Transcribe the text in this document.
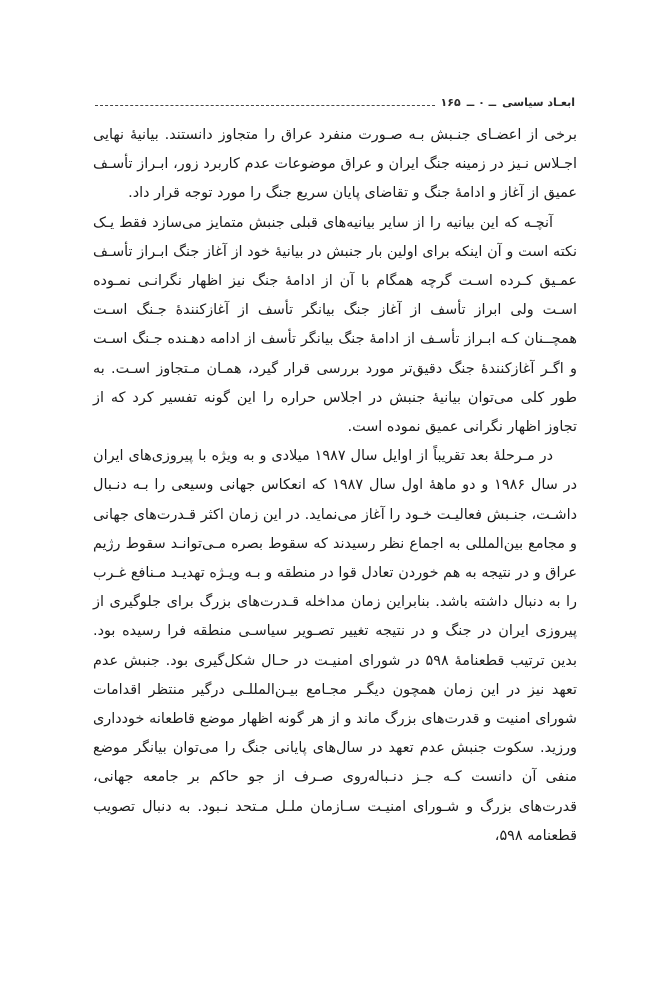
ابعـاد سیاسی
ــ ۰ ــ
۱۶۵

برخی از اعضـای جنـبش بـه صـورت منفرد عراق را متجاوز دانستند. بیانیهٔ نهایی اجـلاس نـیز در زمینه جنگ ایران و عراق موضوعات عدم کاربرد زور، ابـراز تأسـف عمیق از آغاز و ادامهٔ جنگ و تقاضای پایان سریع جنگ را مورد توجه قرار داد.

آنچـه که این بیانیه را از سایر بیانیه‌های قبلی جنبش متمایز می‌سازد فقط یـک نکته است و آن اینکه برای اولین بار جنبش در بیانیهٔ خود از آغاز جنگ ابـراز تأسـف عمـیق کـرده اسـت گرچه همگام با آن از ادامهٔ جنگ نیز اظهار نگرانـی نمـوده اسـت ولی ابراز تأسف از آغاز جنگ بیانگر تأسف از آغازکنندهٔ جـنگ اسـت همچــنان کـه ابـراز تأسـف از ادامهٔ جنگ بیانگر تأسف از ادامه دهـنده جـنگ اسـت و اگـر آغازکنندهٔ جنگ دقیق‌تر مورد بررسی قرار گیرد، همـان مـتجاوز اسـت. به طور کلی می‌توان بیانیهٔ جنبش در اجلاس حراره را این گونه تفسیر کرد که از تجاوز اظهار نگرانی عمیق نموده است.

در مـرحلهٔ بعد تقریباً از اوایل سال ۱۹۸۷ میلادی و به ویژه با پیروزی‌های ایران در سال ۱۹۸۶ و دو ماههٔ اول سال ۱۹۸۷ که انعکاس جهانی وسیعی را بـه دنـبال داشـت، جنـبش فعالیـت خـود را آغاز می‌نماید. در این زمان اکثر قـدرت‌های جهانی و مجامع بین‌المللی به اجماع نظر رسیدند که سقوط بصره مـی‌توانـد سقوط رژیم عراق و در نتیجه به هم خوردن تعادل قوا در منطقه و بـه ویـژه تهدیـد مـنافع غـرب را به دنبال داشته باشد. بنابراین زمان مداخله قـدرت‌های بزرگ برای جلوگیری از پیروزی ایران در جنگ و در نتیجه تغییر تصـویر سیاسـی منطقه فرا رسیده بود. بدین ترتیب قطعنامهٔ ۵۹۸ در شورای امنیـت در حـال شکل‌گیری بود. جنبش عدم تعهد نیز در این زمان همچون دیگـر مجـامع بیـن‌المللـی درگیر منتظر اقدامات شورای امنیت و قدرت‌های بزرگ ماند و از هر گونه اظهار موضع قاطعانه خودداری ورزید. سکوت جنبش عدم تعهد در سال‌های پایانی جنگ را می‌توان بیانگر موضع منفی آن دانست کـه جـز دنـباله‌روی صـرف از جو حاکم بر جامعه جهانی، قدرت‌های بزرگ و شـورای امنیـت سـازمان ملـل مـتحد نـبود. به دنبال تصویب قطعنامه ۵۹۸،
